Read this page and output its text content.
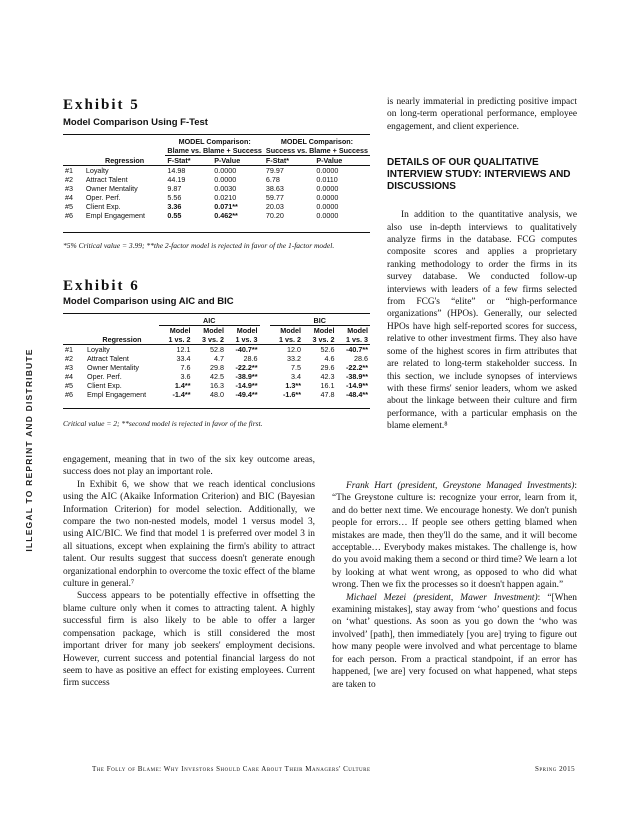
ILLEGAL TO REPRINT AND DISTRIBUTE
Exhibit 5
Model Comparison Using F-Test
		MODEL Comparison:		MODEL Comparison:	
		Blame vs. Blame + Success		Success vs. Blame + Success	
	Regression	F-Stat*	P-Value	F-Stat*	P-Value
#1	Loyalty	14.98	0.0000	79.97	0.0000
#2	Attract Talent	44.19	0.0000	6.78	0.0110
#3	Owner Mentality	9.87	0.0030	38.63	0.0000
#4	Oper. Perf.	5.56	0.0210	59.77	0.0000
#5	Client Exp.	3.36	0.071**	20.03	0.0000
#6	Empl Engagement	0.55	0.462**	70.20	0.0000
*5% Critical value = 3.99; **the 2-factor model is rejected in favor of the 1-factor model.
Exhibit 6
Model Comparison using AIC and BIC
		AIC				BIC		
		Model	Model	Model		Model	Model	Model
	Regression	1 vs. 2	3 vs. 2	1 vs. 3		1 vs. 2	3 vs. 2	1 vs. 3
#1	Loyalty	12.1	52.8	-40.7**		12.0	52.6	-40.7**
#2	Attract Talent	33.4	4.7	28.6		33.2	4.6	28.6
#3	Owner Mentality	7.6	29.8	-22.2**		7.5	29.6	-22.2**
#4	Oper. Perf.	3.6	42.5	-38.9**		3.4	42.3	-38.9**
#5	Client Exp.	1.4**	16.3	-14.9**		1.3**	16.1	-14.9**
#6	Empl Engagement	-1.4**	48.0	-49.4**		-1.6**	47.8	-48.4**
Critical value = 2; **second model is rejected in favor of the first.

is nearly immaterial in predicting positive impact on long-term operational performance, employee engagement, and client experience.

DETAILS OF OUR QUALITATIVE INTERVIEW STUDY: INTERVIEWS AND DISCUSSIONS

In addition to the quantitative analysis, we also use in-depth interviews to qualitatively analyze firms in the database. FCG computes composite scores and applies a proprietary ranking methodology to order the firms in its survey database. We conducted follow-up interviews with leaders of a few firms selected from FCG's “elite” or “high-performance organizations” (HPOs). Generally, our selected HPOs have high self-reported scores for success, relative to other investment firms. They also have some of the highest scores in firm attributes that are related to long-term stakeholder success. In this section, we include synopses of interviews with these firms' senior leaders, whom we asked about the linkage between their culture and firm performance, with a particular emphasis on the blame element.⁸

engagement, meaning that in two of the six key outcome areas, success does not play an important role.

In Exhibit 6, we show that we reach identical conclusions using the AIC (Akaike Information Criterion) and BIC (Bayesian Information Criterion) for model selection. Additionally, we compare the two non-nested models, model 1 versus model 3, using AIC/BIC. We find that model 1 is preferred over model 3 in all situations, except when explaining the firm's ability to attract talent. Our results suggest that success doesn't generate enough organizational endorphin to overcome the toxic effect of the blame culture in general.⁷

Success appears to be potentially effective in offsetting the blame culture only when it comes to attracting talent. A highly successful firm is also likely to be able to offer a larger compensation package, which is still considered the most important driver for many job seekers' employment decisions. However, current success and potential financial largess do not seem to have as positive an effect for existing employees. Current firm success

Frank Hart (president, Greystone Managed Investments): “The Greystone culture is: recognize your error, learn from it, and do better next time. We encourage honesty. We don't punish people for errors… If people see others getting blamed when mistakes are made, then they'll do the same, and it will become acceptable… Everybody makes mistakes. The challenge is, how do you avoid making them a second or third time? We learn a lot by looking at what went wrong, as opposed to who did what wrong. Then we fix the processes so it doesn't happen again.”

Michael Mezei (president, Mawer Investment): “[When examining mistakes], stay away from ‘who’ questions and focus on ‘what’ questions. As soon as you go down the ‘who was involved’ [path], then immediately [you are] trying to figure out how many people were involved and what percentage to blame for each person. From a practical standpoint, if an error has happened, [we are] very focused on what happened, what steps are taken to

The Folly of Blame: Why Investors Should Care About Their Managers' Culture	Spring 2015
